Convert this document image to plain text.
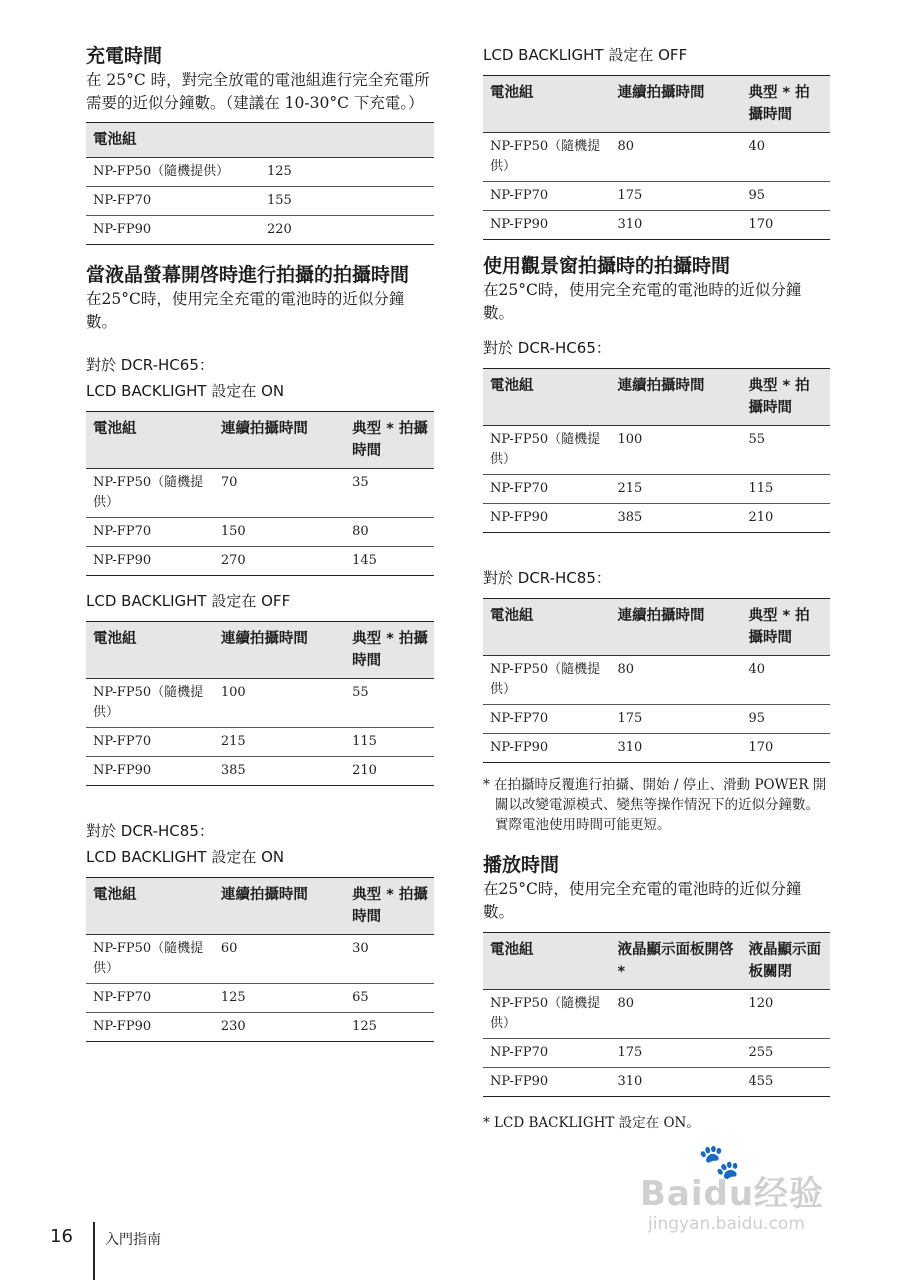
充電時間

在 25°C 時，對完全放電的電池組進行完全充電所需要的近似分鐘數。（建議在 10-30°C 下充電。）

電池組	
NP-FP50（隨機提供）	125
NP-FP70	155
NP-FP90	220

當液晶螢幕開啓時進行拍攝的拍攝時間

在25°C時，使用完全充電的電池時的近似分鐘數。

對於 DCR-HC65：

LCD BACKLIGHT 設定在 ON

電池組	連續拍攝時間	典型 * 拍攝時間
NP-FP50（隨機提供）	70	35
NP-FP70	150	80
NP-FP90	270	145

LCD BACKLIGHT 設定在 OFF

電池組	連續拍攝時間	典型 * 拍攝時間
NP-FP50（隨機提供）	100	55
NP-FP70	215	115
NP-FP90	385	210

對於 DCR-HC85：

LCD BACKLIGHT 設定在 ON

電池組	連續拍攝時間	典型 * 拍攝時間
NP-FP50（隨機提供）	60	30
NP-FP70	125	65
NP-FP90	230	125

LCD BACKLIGHT 設定在 OFF

電池組	連續拍攝時間	典型 * 拍攝時間
NP-FP50（隨機提供）	80	40
NP-FP70	175	95
NP-FP90	310	170

使用觀景窗拍攝時的拍攝時間

在25°C時，使用完全充電的電池時的近似分鐘數。

對於 DCR-HC65：

電池組	連續拍攝時間	典型 * 拍攝時間
NP-FP50（隨機提供）	100	55
NP-FP70	215	115
NP-FP90	385	210

對於 DCR-HC85：

電池組	連續拍攝時間	典型 * 拍攝時間
NP-FP50（隨機提供）	80	40
NP-FP70	175	95
NP-FP90	310	170

* 在拍攝時反覆進行拍攝、開始 / 停止、滑動 POWER 開關以改變電源模式、變焦等操作情況下的近似分鐘數。實際電池使用時間可能更短。

播放時間

在25°C時，使用完全充電的電池時的近似分鐘數。

電池組	液晶顯示面板開啓 *	液晶顯示面板關閉
NP-FP50（隨機提供）	80	120
NP-FP70	175	255
NP-FP90	310	455

* LCD BACKLIGHT 設定在 ON。

16 入門指南
🐾
Baidu经验
jingyan.baidu.com
